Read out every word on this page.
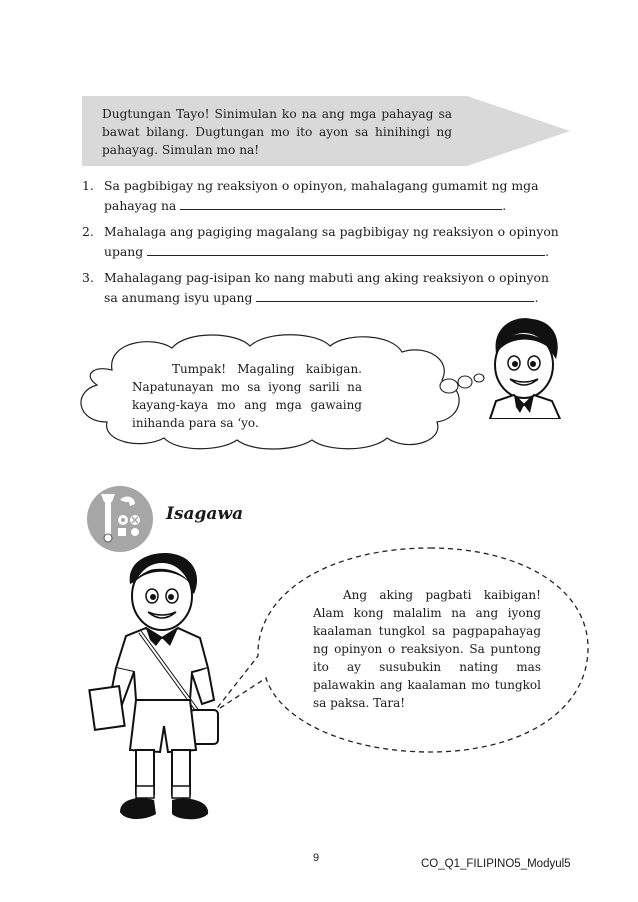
Dugtungan Tayo! Sinimulan ko na ang mga pahayag sa bawat bilang. Dugtungan mo ito ayon sa hinihingi ng pahayag. Simulan mo na!
1. Sa pagbibigay ng reaksiyon o opinyon, mahalagang gumamit ng mga
pahayag na	.
2. Mahalaga ang pagiging magalang sa pagbibigay ng reaksiyon o opinyon
upang	.
3. Mahalagang pag-isipan ko nang mabuti ang aking reaksiyon o opinyon
sa anumang isyu upang	.
Tumpak! Magaling kaibigan. Napatunayan mo sa iyong sarili na kayang-kaya mo ang mga gawaing inihanda para sa ‘yo.
Isagawa
Ang aking pagbati kaibigan! Alam kong malalim na ang iyong kaalaman tungkol sa pagpapahayag ng opinyon o reaksiyon. Sa puntong ito ay susubukin nating mas palawakin ang kaalaman mo tungkol sa paksa. Tara!
9	CO_Q1_FILIPINO5_Modyul5
